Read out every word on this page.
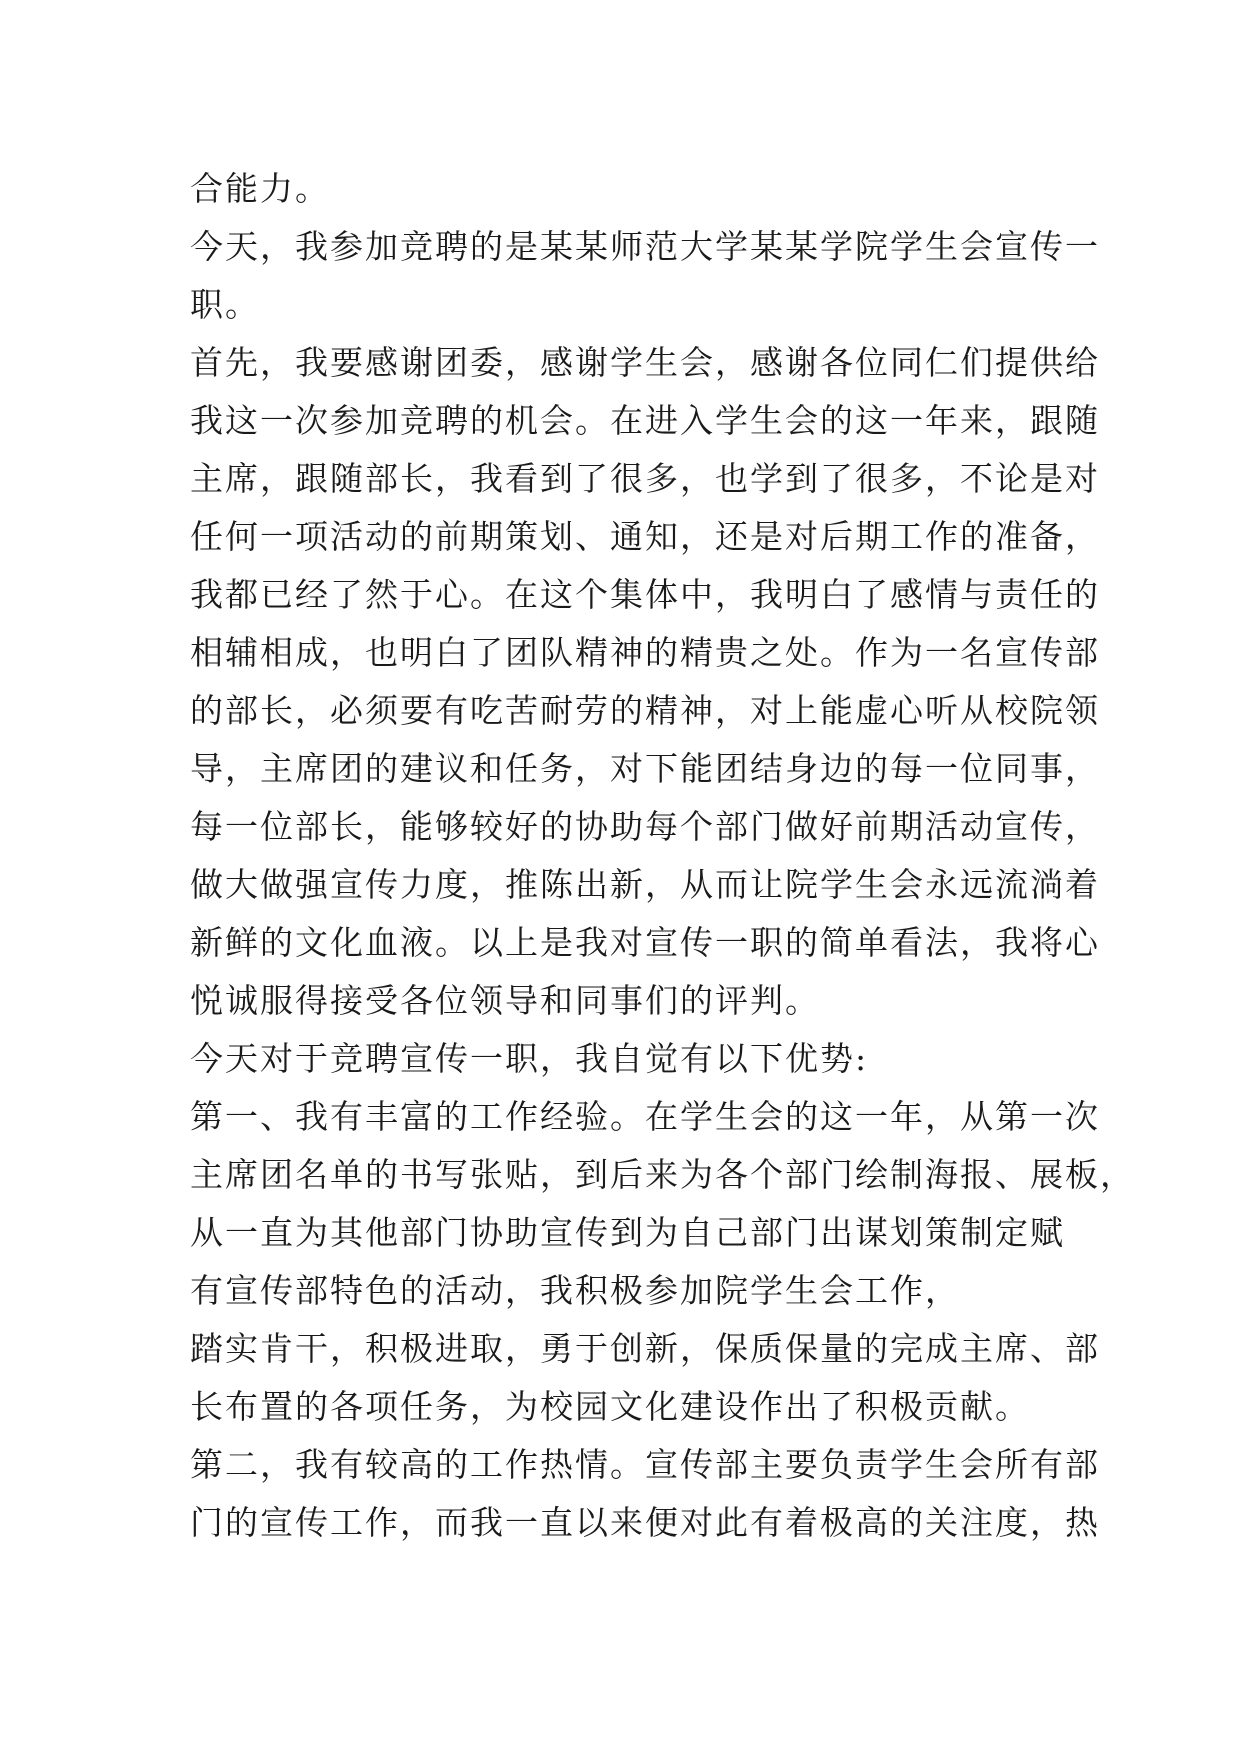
合能力。
今天，我参加竞聘的是某某师范大学某某学院学生会宣传一
职。
首先，我要感谢团委，感谢学生会，感谢各位同仁们提供给
我这一次参加竞聘的机会。在进入学生会的这一年来，跟随
主席，跟随部长，我看到了很多，也学到了很多，不论是对
任何一项活动的前期策划、通知，还是对后期工作的准备，
我都已经了然于心。在这个集体中，我明白了感情与责任的
相辅相成，也明白了团队精神的精贵之处。作为一名宣传部
的部长，必须要有吃苦耐劳的精神，对上能虚心听从校院领
导，主席团的建议和任务，对下能团结身边的每一位同事，
每一位部长，能够较好的协助每个部门做好前期活动宣传，
做大做强宣传力度，推陈出新，从而让院学生会永远流淌着
新鲜的文化血液。以上是我对宣传一职的简单看法，我将心
悦诚服得接受各位领导和同事们的评判。
今天对于竞聘宣传一职，我自觉有以下优势:
第一、我有丰富的工作经验。在学生会的这一年，从第一次
主席团名单的书写张贴，到后来为各个部门绘制海报、展板，
从一直为其他部门协助宣传到为自己部门出谋划策制定赋
有宣传部特色的活动，我积极参加院学生会工作，
踏实肯干，积极进取，勇于创新，保质保量的完成主席、部
长布置的各项任务，为校园文化建设作出了积极贡献。
第二，我有较高的工作热情。宣传部主要负责学生会所有部
门的宣传工作，而我一直以来便对此有着极高的关注度，热
